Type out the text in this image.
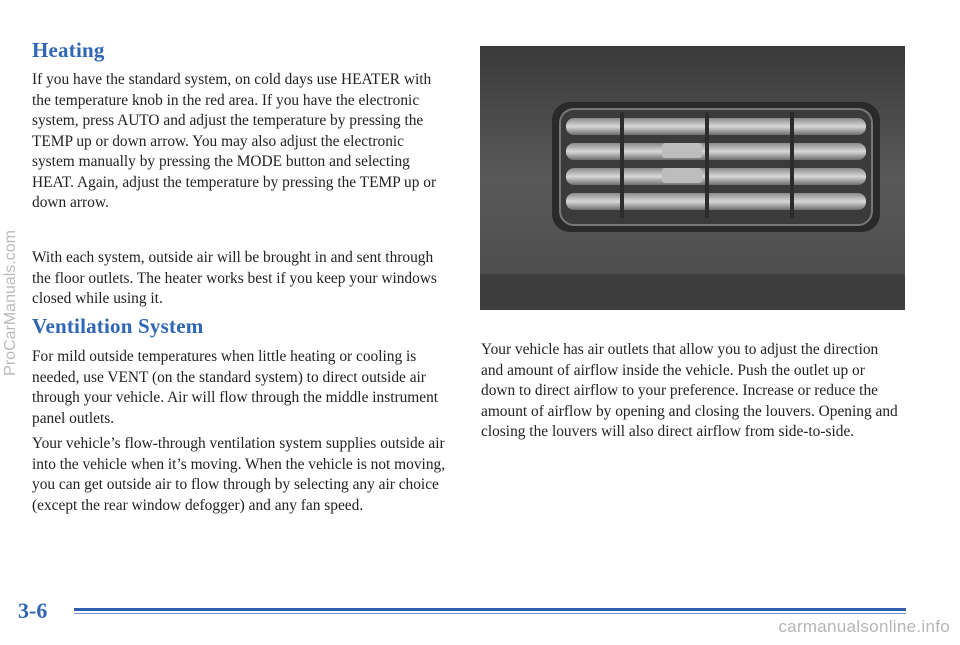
Heating

If you have the standard system, on cold days use HEATER with the temperature knob in the red area. If you have the electronic system, press AUTO and adjust the temperature by pressing the TEMP up or down arrow. You may also adjust the electronic system manually by pressing the MODE button and selecting HEAT. Again, adjust the temperature by pressing the TEMP up or down arrow.

With each system, outside air will be brought in and sent through the floor outlets. The heater works best if you keep your windows closed while using it.

Ventilation System

For mild outside temperatures when little heating or cooling is needed, use VENT (on the standard system) to direct outside air through your vehicle. Air will flow through the middle instrument panel outlets.

Your vehicle’s flow-through ventilation system supplies outside air into the vehicle when it’s moving. When the vehicle is not moving, you can get outside air to flow through by selecting any air choice (except the rear window defogger) and any fan speed.

Your vehicle has air outlets that allow you to adjust the direction and amount of airflow inside the vehicle. Push the outlet up or down to direct airflow to your preference. Increase or reduce the amount of airflow by opening and closing the louvers. Opening and closing the louvers will also direct airflow from side-to-side.

3-6
ProCarManuals.com
carmanualsonline.info
